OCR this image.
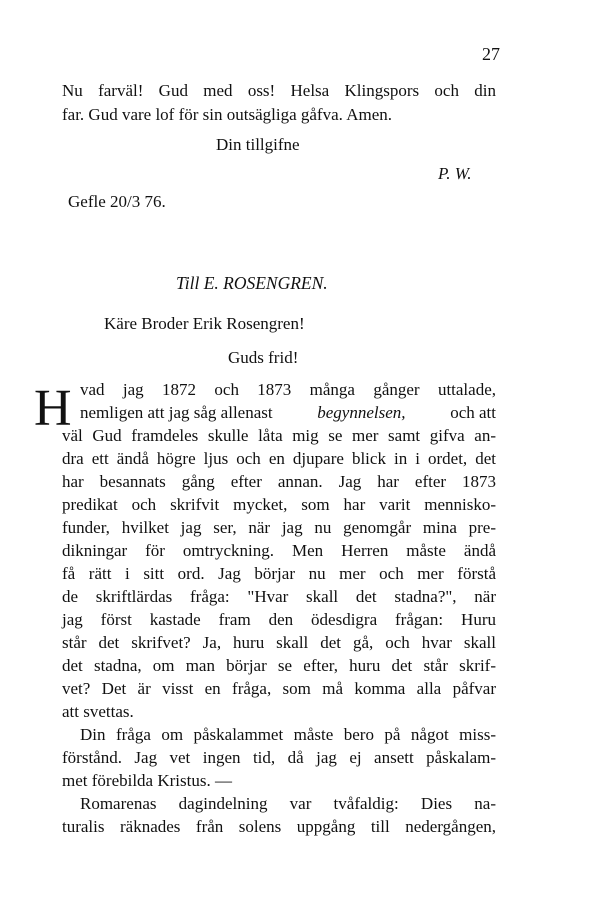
27
Nu farväl! Gud med oss! Helsa Klingspors och din
far. Gud vare lof för sin outsägliga gåfva. Amen.
Din tillgifne
P. W.
Gefle 20/3 76.
Till E. ROSENGREN.
Käre Broder Erik Rosengren!
Guds frid!
H vad jag 1872 och 1873 många gånger uttalade,
nemligen att jag såg allenast	begynnelsen,	och att
väl Gud framdeles skulle låta mig se mer samt gifva an-
dra ett ändå högre ljus och en djupare blick in i ordet, det
har besannats gång efter annan. Jag har efter 1873
predikat och skrifvit mycket, som har varit mennisko-
funder, hvilket jag ser, när jag nu genomgår mina pre-
dikningar för omtryckning. Men Herren måste ändå
få rätt i sitt ord. Jag börjar nu mer och mer förstå
de skriftlärdas fråga: "Hvar skall det stadna?", när
jag först kastade fram den ödesdigra frågan: Huru
står det skrifvet? Ja, huru skall det gå, och hvar skall
det stadna, om man börjar se efter, huru det står skrif-
vet? Det är visst en fråga, som må komma alla påfvar
att svettas.
Din fråga om påskalammet måste bero på något miss-
förstånd. Jag vet ingen tid, då jag ej ansett påskalam-
met förebilda Kristus. —
Romarenas dagindelning var tvåfaldig: Dies na-
turalis räknades från solens uppgång till nedergången,
